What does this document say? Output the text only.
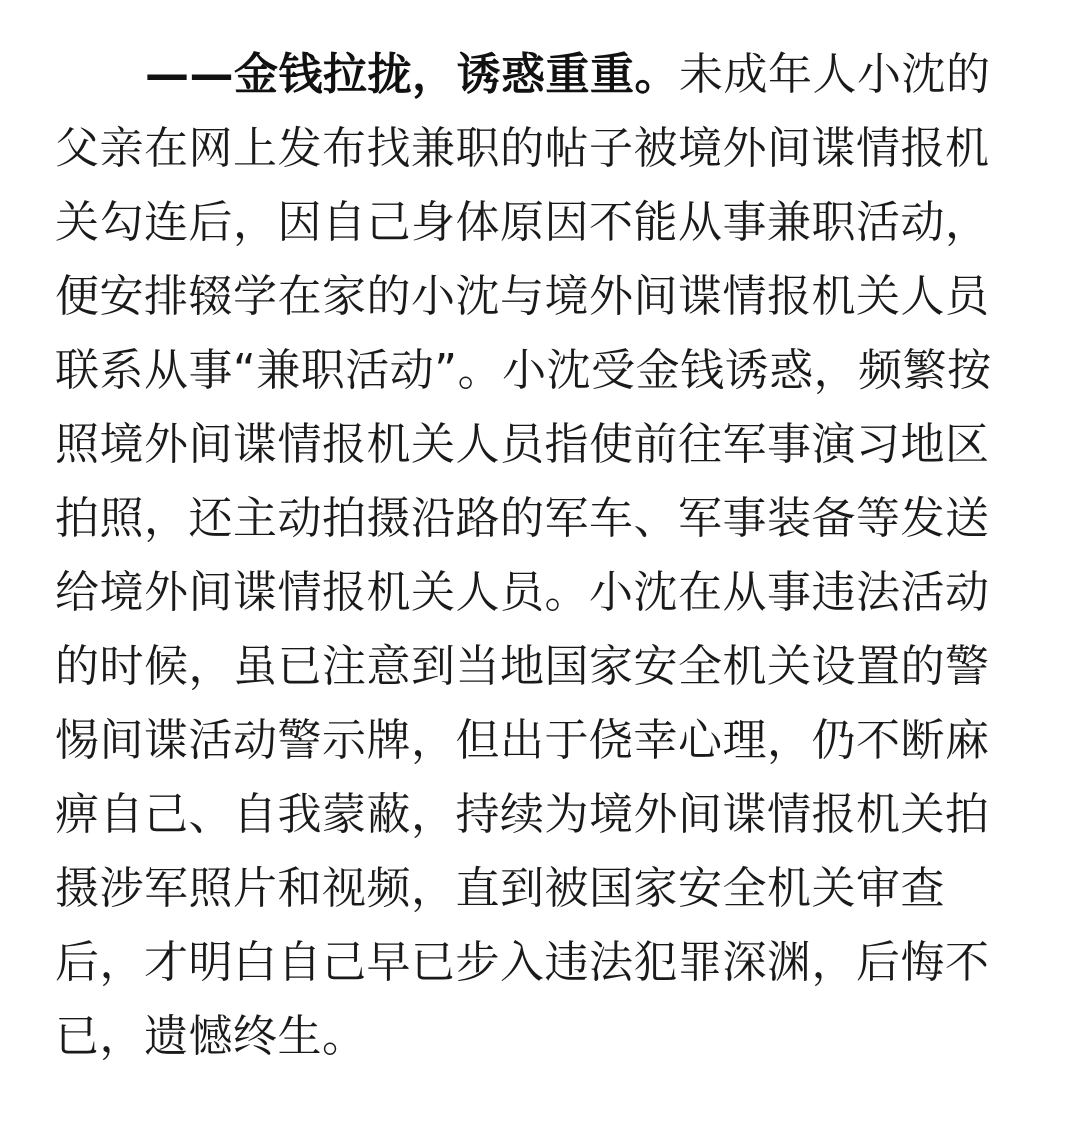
——金钱拉拢，诱惑重重。未成年人小沈的
父亲在网上发布找兼职的帖子被境外间谍情报机
关勾连后，因自己身体原因不能从事兼职活动，
便安排辍学在家的小沈与境外间谍情报机关人员
联系从事“兼职活动”。小沈受金钱诱惑，频繁按
照境外间谍情报机关人员指使前往军事演习地区
拍照，还主动拍摄沿路的军车、军事装备等发送
给境外间谍情报机关人员。小沈在从事违法活动
的时候，虽已注意到当地国家安全机关设置的警
惕间谍活动警示牌，但出于侥幸心理，仍不断麻
痹自己、自我蒙蔽，持续为境外间谍情报机关拍
摄涉军照片和视频，直到被国家安全机关审查
后，才明白自己早已步入违法犯罪深渊，后悔不
已，遗憾终生。
